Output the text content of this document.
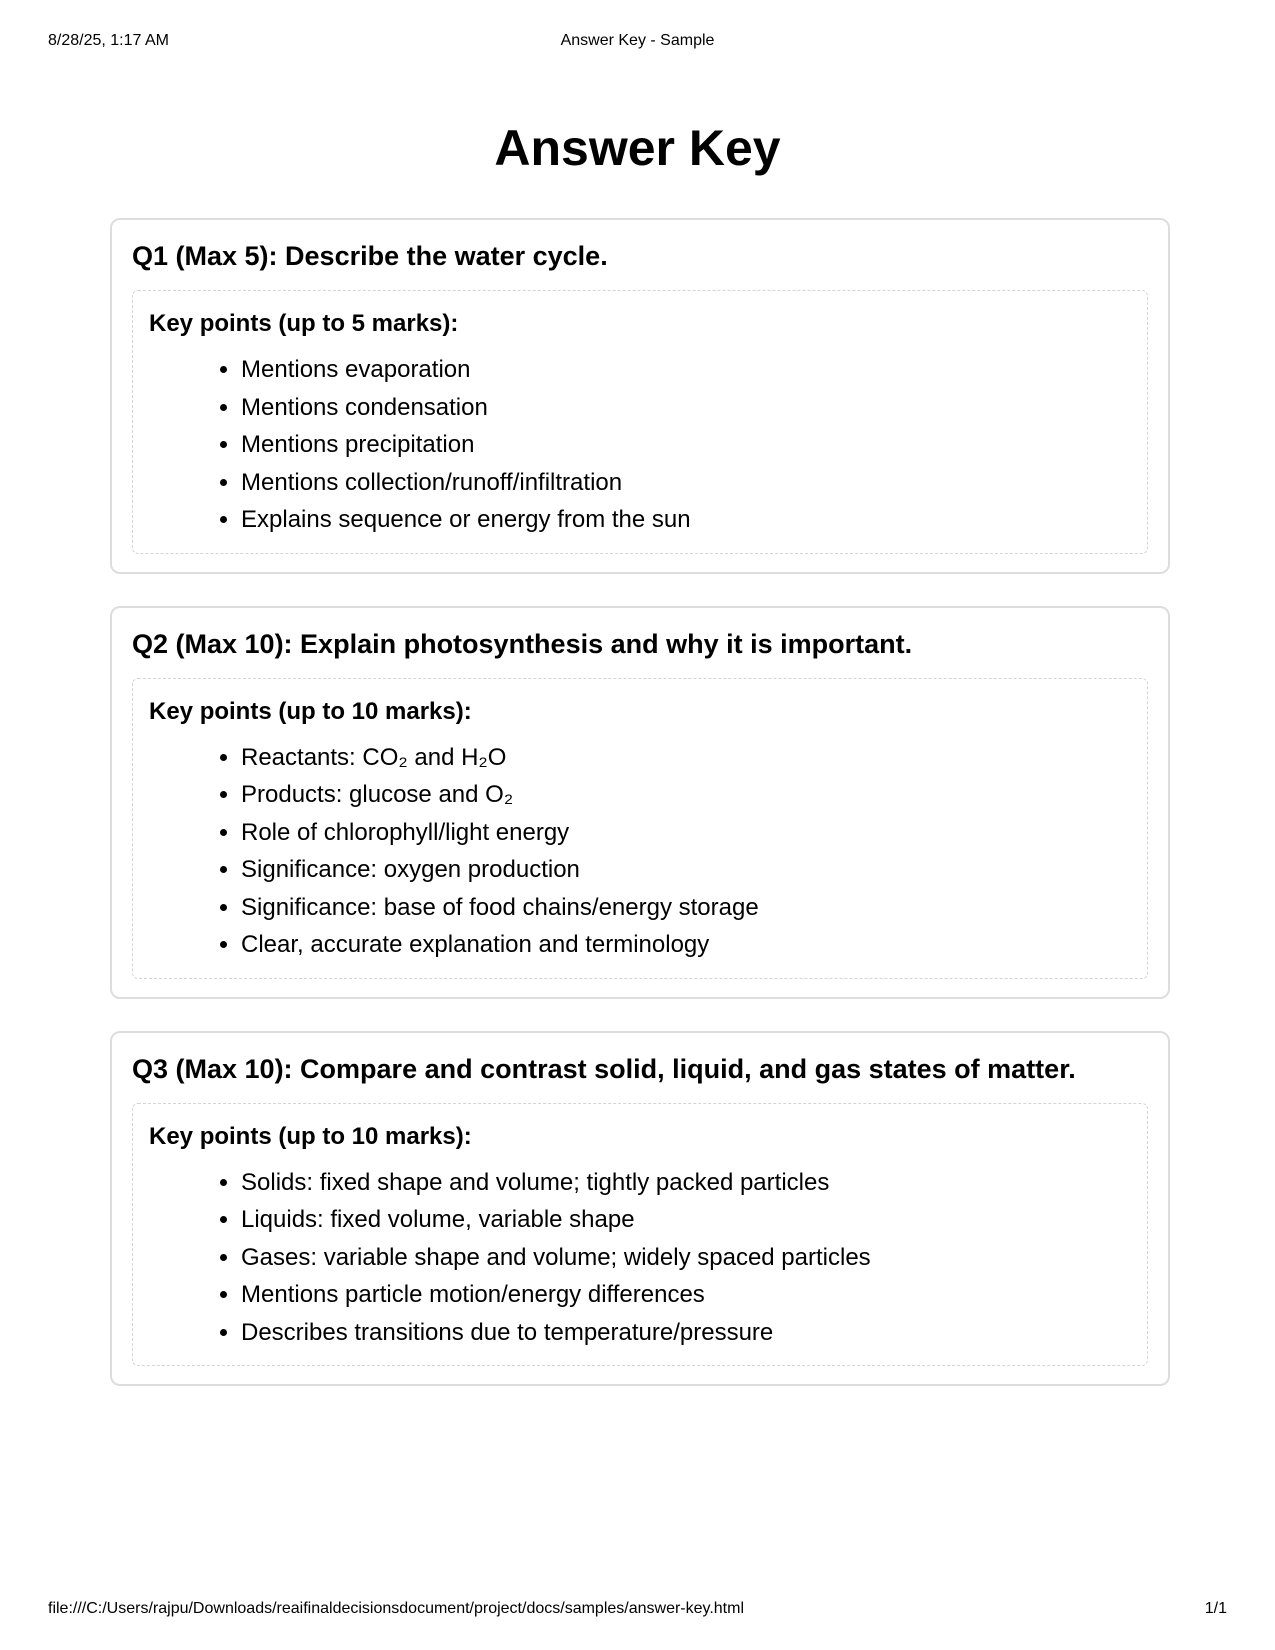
8/28/25, 1:17 AM	Answer Key - Sample
Answer Key
Q1 (Max 5): Describe the water cycle.
Key points (up to 5 marks):
• Mentions evaporation
• Mentions condensation
• Mentions precipitation
• Mentions collection/runoff/infiltration
• Explains sequence or energy from the sun
Q2 (Max 10): Explain photosynthesis and why it is important.
Key points (up to 10 marks):
• Reactants: CO₂ and H₂O
• Products: glucose and O₂
• Role of chlorophyll/light energy
• Significance: oxygen production
• Significance: base of food chains/energy storage
• Clear, accurate explanation and terminology
Q3 (Max 10): Compare and contrast solid, liquid, and gas states of matter.
Key points (up to 10 marks):
• Solids: fixed shape and volume; tightly packed particles
• Liquids: fixed volume, variable shape
• Gases: variable shape and volume; widely spaced particles
• Mentions particle motion/energy differences
• Describes transitions due to temperature/pressure
file:///C:/Users/rajpu/Downloads/reaifinaldecisionsdocument/project/docs/samples/answer-key.html	1/1
